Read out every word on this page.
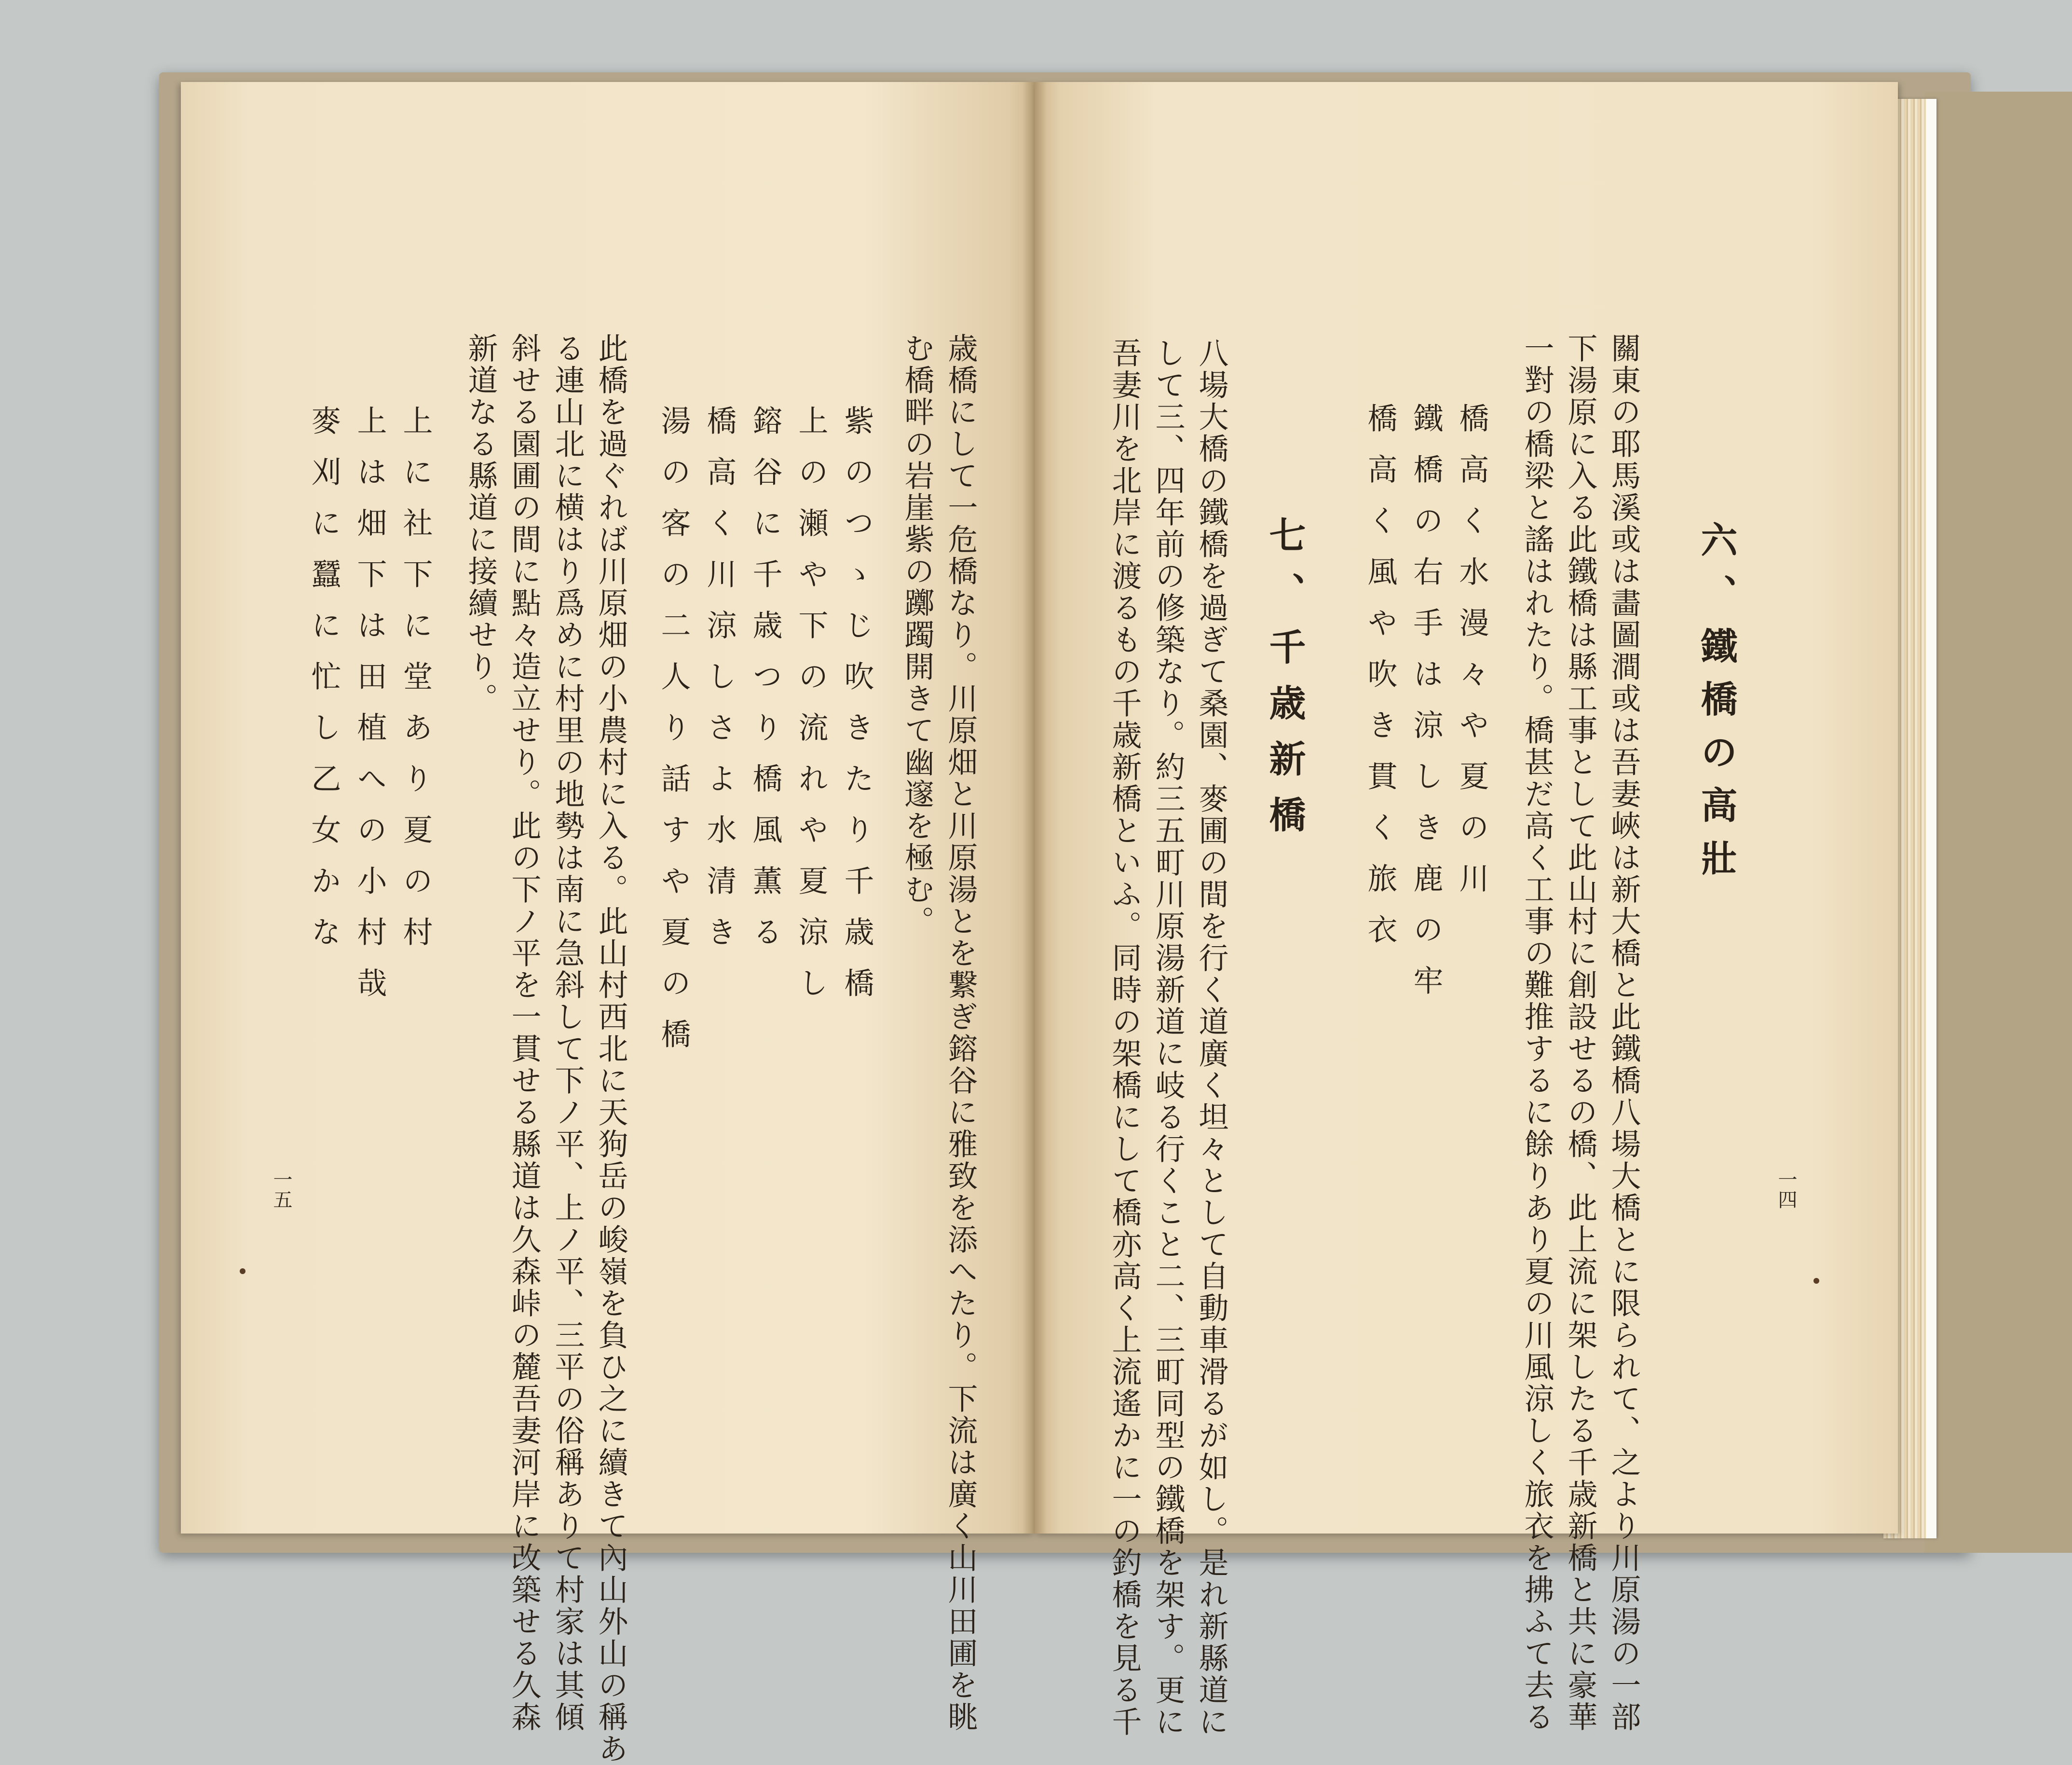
六、鐵橋の高壯
關東の耶馬溪或は畵圖澗或は吾妻峽は新大橋と此鐵橋八場大橋とに限られて、之より川原湯の一部
下湯原に入る此鐵橋は縣工事として此山村に創設せるの橋、此上流に架したる千歳新橋と共に豪華
一對の橋梁と謠はれたり。橋甚だ高く工事の難推するに餘りあり夏の川風涼しく旅衣を拂ふて去る
橋高く水漫々や夏の川
鐵橋の右手は涼しき鹿の牢
橋高く風や吹き貫く旅衣
七、千歳新橋
八場大橋の鐵橋を過ぎて桑園、麥圃の間を行く道廣く坦々として自動車滑るが如し。是れ新縣道に
して三、四年前の修築なり。約三五町川原湯新道に岐る行くこと二、三町同型の鐵橋を架す。更に
吾妻川を北岸に渡るもの千歳新橋といふ。同時の架橋にして橋亦高く上流遙かに一の釣橋を見る千	一四
歳橋にして一危橋なり。川原畑と川原湯とを繋ぎ鎔谷に雅致を添へたり。下流は廣く山川田圃を眺
む橋畔の岩崖紫の躑躅開きて幽邃を極む。
紫のつゝじ吹きたり千歳橋
上の瀬や下の流れや夏涼し
鎔谷に千歳つり橋風薫る
橋高く川涼しさよ水清き
湯の客の二人り話すや夏の橋
此橋を過ぐれば川原畑の小農村に入る。此山村西北に天狗岳の峻嶺を負ひ之に續きて內山外山の稱あ
る連山北に横はり爲めに村里の地勢は南に急斜して下ノ平、上ノ平、三平の俗稱ありて村家は其傾
斜せる園圃の間に點々造立せり。此の下ノ平を一貫せる縣道は久森峠の麓吾妻河岸に改築せる久森
新道なる縣道に接續せり。
上に社下に堂あり夏の村
上は畑下は田植への小村哉
麥刈に蠶に忙し乙女かな
一五
